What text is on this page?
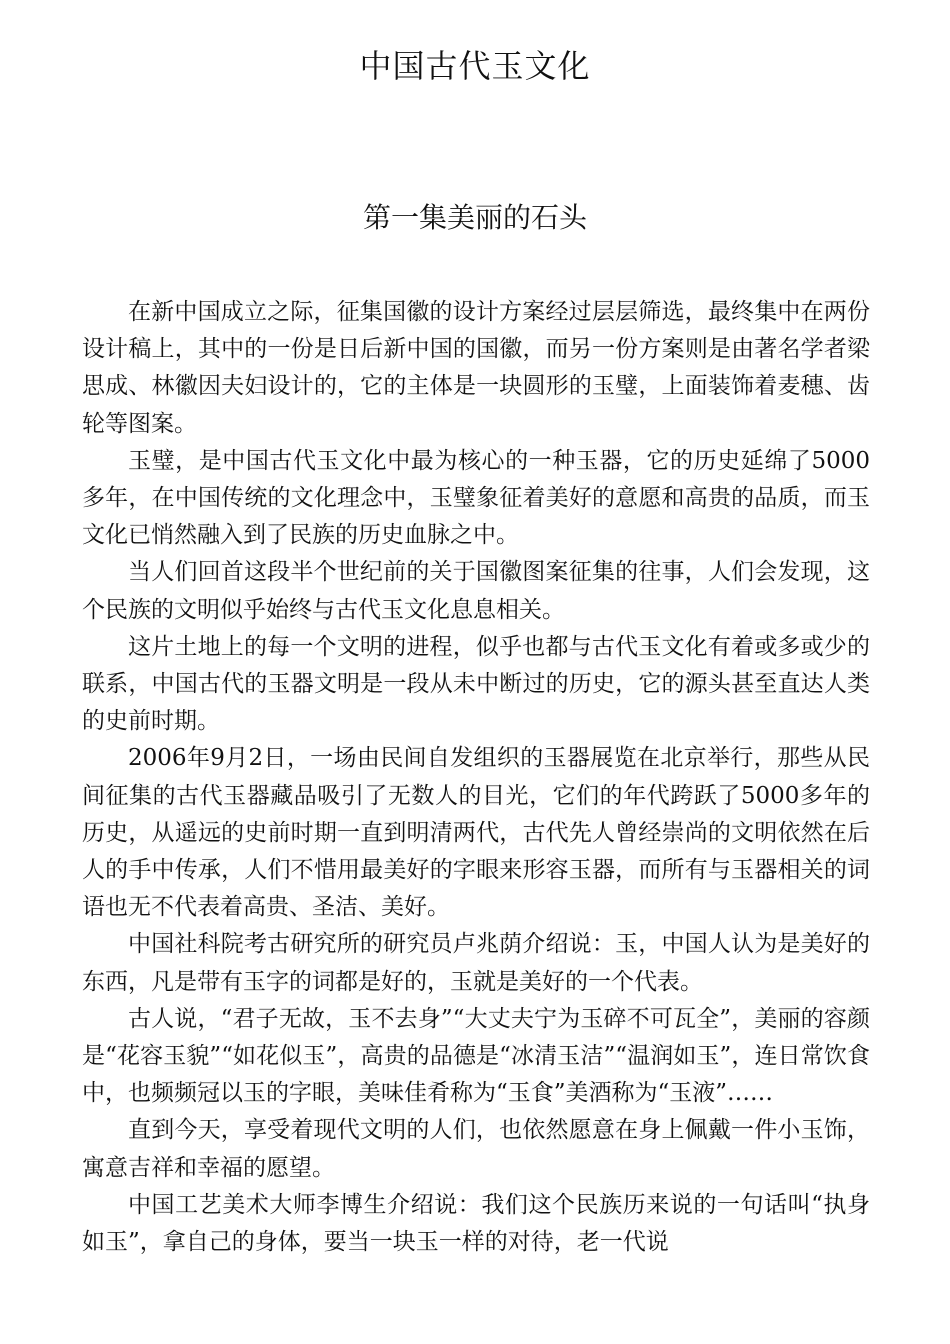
中国古代玉文化
第一集美丽的石头

在新中国成立之际，征集国徽的设计方案经过层层筛选，最终集中在两份设计稿上，其中的一份是日后新中国的国徽，而另一份方案则是由著名学者梁思成、林徽因夫妇设计的，它的主体是一块圆形的玉璧，上面装饰着麦穗、齿轮等图案。

玉璧，是中国古代玉文化中最为核心的一种玉器，它的历史延绵了5000多年，在中国传统的文化理念中，玉璧象征着美好的意愿和高贵的品质，而玉文化已悄然融入到了民族的历史血脉之中。

当人们回首这段半个世纪前的关于国徽图案征集的往事，人们会发现，这个民族的文明似乎始终与古代玉文化息息相关。

这片土地上的每一个文明的进程，似乎也都与古代玉文化有着或多或少的联系，中国古代的玉器文明是一段从未中断过的历史，它的源头甚至直达人类的史前时期。

2006年9月2日，一场由民间自发组织的玉器展览在北京举行，那些从民间征集的古代玉器藏品吸引了无数人的目光，它们的年代跨跃了5000多年的历史，从遥远的史前时期一直到明清两代，古代先人曾经崇尚的文明依然在后人的手中传承，人们不惜用最美好的字眼来形容玉器，而所有与玉器相关的词语也无不代表着高贵、圣洁、美好。

中国社科院考古研究所的研究员卢兆荫介绍说：玉，中国人认为是美好的东西，凡是带有玉字的词都是好的，玉就是美好的一个代表。

古人说，“君子无故，玉不去身”“大丈夫宁为玉碎不可瓦全”，美丽的容颜是“花容玉貌”“如花似玉”，高贵的品德是“冰清玉洁”“温润如玉”，连日常饮食中，也频频冠以玉的字眼，美味佳肴称为“玉食”美酒称为“玉液”……

直到今天，享受着现代文明的人们，也依然愿意在身上佩戴一件小玉饰，寓意吉祥和幸福的愿望。

中国工艺美术大师李博生介绍说：我们这个民族历来说的一句话叫“执身如玉”，拿自己的身体，要当一块玉一样的对待，老一代说
